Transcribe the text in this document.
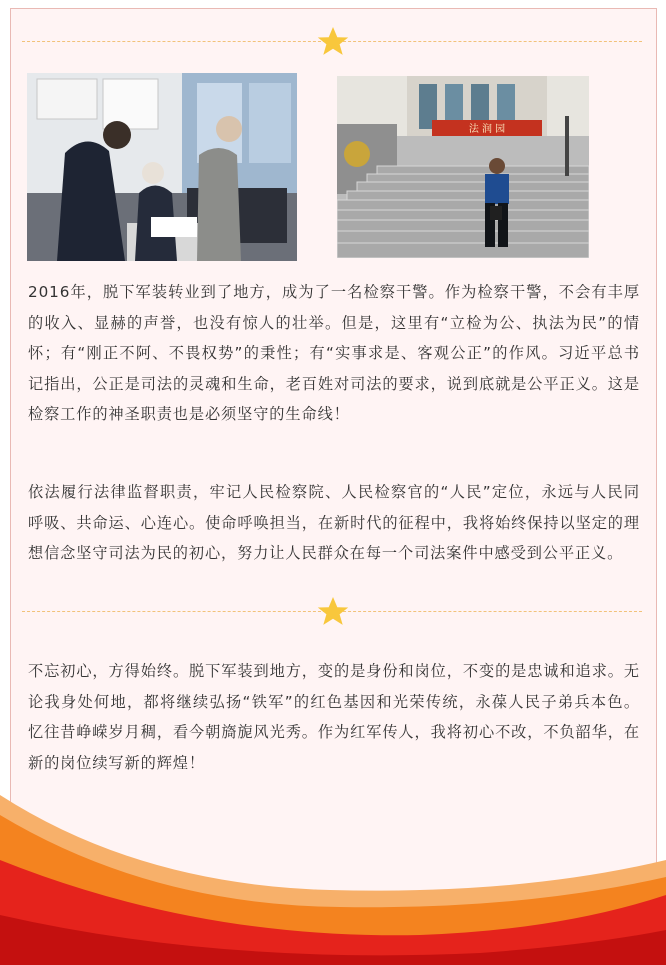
法 润 园

2016年，脱下军装转业到了地方，成为了一名检察干警。作为检察干警，不会有丰厚的收入、显赫的声誉，也没有惊人的壮举。但是，这里有“立检为公、执法为民”的情怀；有“刚正不阿、不畏权势”的秉性；有“实事求是、客观公正”的作风。习近平总书记指出，公正是司法的灵魂和生命，老百姓对司法的要求，说到底就是公平正义。这是检察工作的神圣职责也是必须坚守的生命线！

依法履行法律监督职责，牢记人民检察院、人民检察官的“人民”定位，永远与人民同呼吸、共命运、心连心。使命呼唤担当，在新时代的征程中，我将始终保持以坚定的理想信念坚守司法为民的初心，努力让人民群众在每一个司法案件中感受到公平正义。

不忘初心，方得始终。脱下军装到地方，变的是身份和岗位，不变的是忠诚和追求。无论我身处何地，都将继续弘扬“铁军”的红色基因和光荣传统，永葆人民子弟兵本色。忆往昔峥嵘岁月稠，看今朝旖旎风光秀。作为红军传人，我将初心不改，不负韶华，在新的岗位续写新的辉煌！
